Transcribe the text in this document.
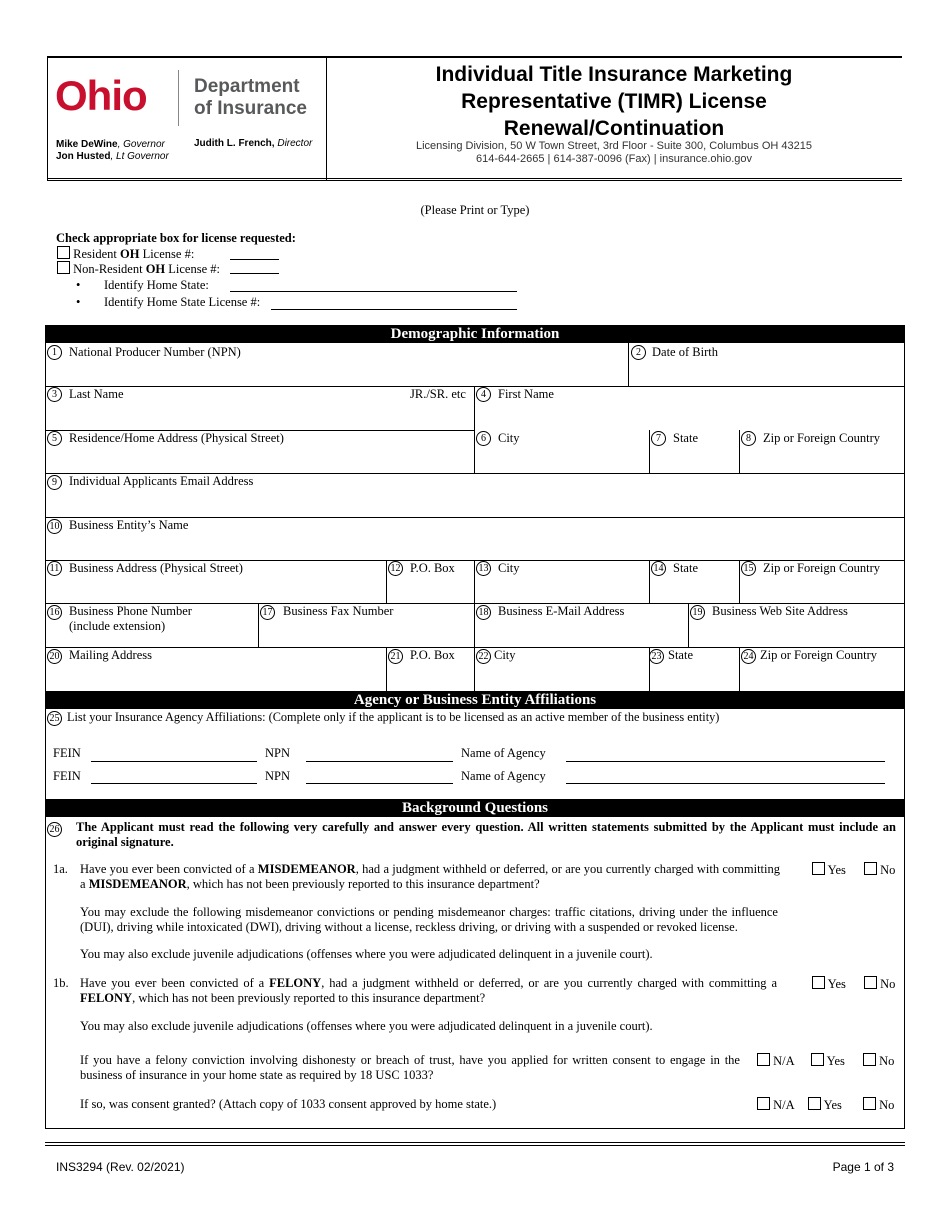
Ohio Department
of Insurance
Mike DeWine, Governor
Jon Husted, Lt Governor
Judith L. French, Director
Individual Title Insurance Marketing
Representative (TIMR) License
Renewal/Continuation
Licensing Division, 50 W Town Street, 3rd Floor - Suite 300, Columbus OH 43215
614-644-2665 | 614-387-0096 (Fax) | insurance.ohio.gov
(Please Print or Type)
Check appropriate box for license requested:
Resident OH License #:
Non-Resident OH License #:
• Identify Home State:
• Identify Home State License #:
Demographic Information
1 National Producer Number (NPN)	2 Date of Birth
3 Last Name	JR./SR. etc	4 First Name
5 Residence/Home Address (Physical Street)	6 City	7 State	8 Zip or Foreign Country
9 Individual Applicants Email Address
10 Business Entity’s Name
11 Business Address (Physical Street)	12 P.O. Box 13 City	14 State	15 Zip or Foreign Country
16 Business Phone Number
(include extension)
17 Business Fax Number	18 Business E-Mail Address	19 Business Web Site Address
20 Mailing Address	21 P.O. Box 22 City	23 State	24 Zip or Foreign Country
Agency or Business Entity Affiliations
25 List your Insurance Agency Affiliations: (Complete only if the applicant is to be licensed as an active member of the business entity)
FEIN	NPN	Name of Agency
FEIN	NPN	Name of Agency
Background Questions
26 The Applicant must read the following very carefully and answer every question. All written statements submitted by the Applicant must include an original signature.
1a. Have you ever been convicted of a MISDEMEANOR, had a judgment withheld or deferred, or are you currently charged with committing a MISDEMEANOR, which has not been previously reported to this insurance department?
Yes	No
You may exclude the following misdemeanor convictions or pending misdemeanor charges: traffic citations, driving under the influence (DUI), driving while intoxicated (DWI), driving without a license, reckless driving, or driving with a suspended or revoked license.
You may also exclude juvenile adjudications (offenses where you were adjudicated delinquent in a juvenile court).
1b. Have you ever been convicted of a FELONY, had a judgment withheld or deferred, or are you currently charged with committing a FELONY, which has not been previously reported to this insurance department?
Yes	No
You may also exclude juvenile adjudications (offenses where you were adjudicated delinquent in a juvenile court).
If you have a felony conviction involving dishonesty or breach of trust, have you applied for written consent to engage in the business of insurance in your home state as required by 18 USC 1033?
N/A	Yes	No
If so, was consent granted? (Attach copy of 1033 consent approved by home state.)	N/A	Yes	No
INS3294 (Rev. 02/2021)	Page 1 of 3
